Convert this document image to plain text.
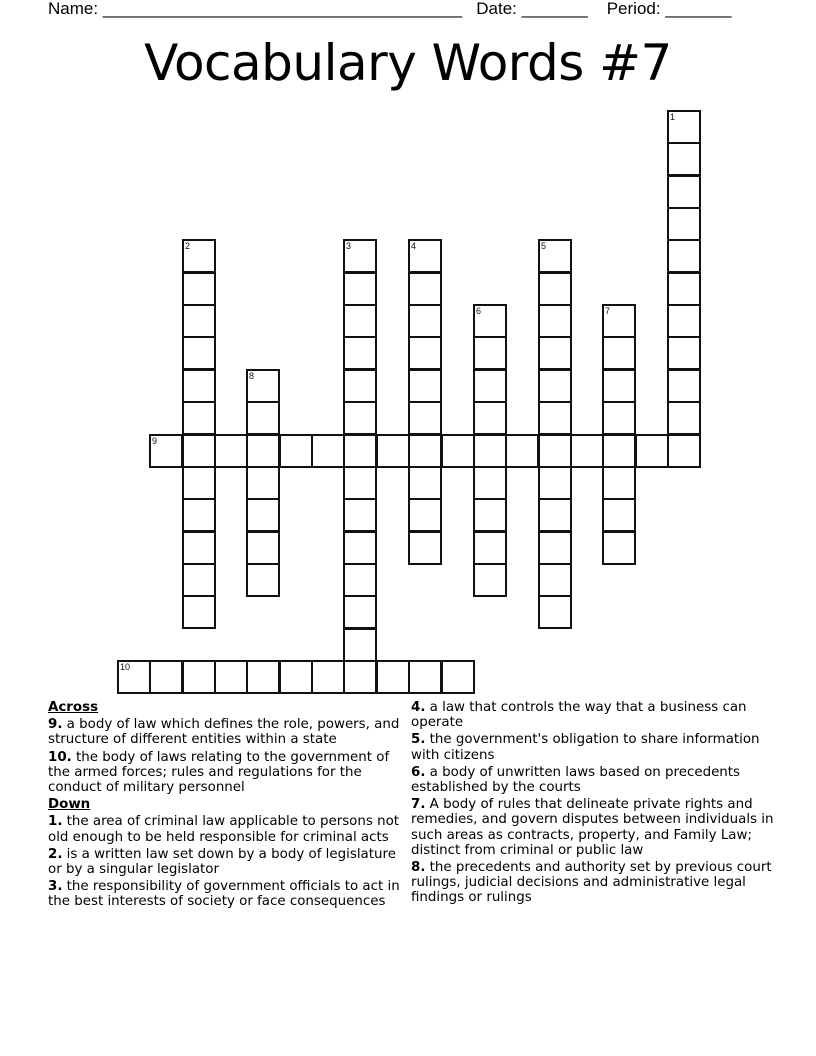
Name: ______________________________________   Date: _______    Period: _______
Vocabulary Words #7
1
2	3	4	5
6	7
8
9
10
Across
9. a body of law which defines the role, powers, and structure of different entities within a state
10. the body of laws relating to the government of the armed forces; rules and regulations for the conduct of military personnel
Down
1. the area of criminal law applicable to persons not old enough to be held responsible for criminal acts
2. is a written law set down by a body of legislature or by a singular legislator
3. the responsibility of government officials to act in the best interests of society or face consequences
4. a law that controls the way that a business can operate
5. the government's obligation to share information with citizens
6. a body of unwritten laws based on precedents established by the courts
7. A body of rules that delineate private rights and remedies, and govern disputes between individuals in such areas as contracts, property, and Family Law; distinct from criminal or public law
8. the precedents and authority set by previous court rulings, judicial decisions and administrative legal findings or rulings
